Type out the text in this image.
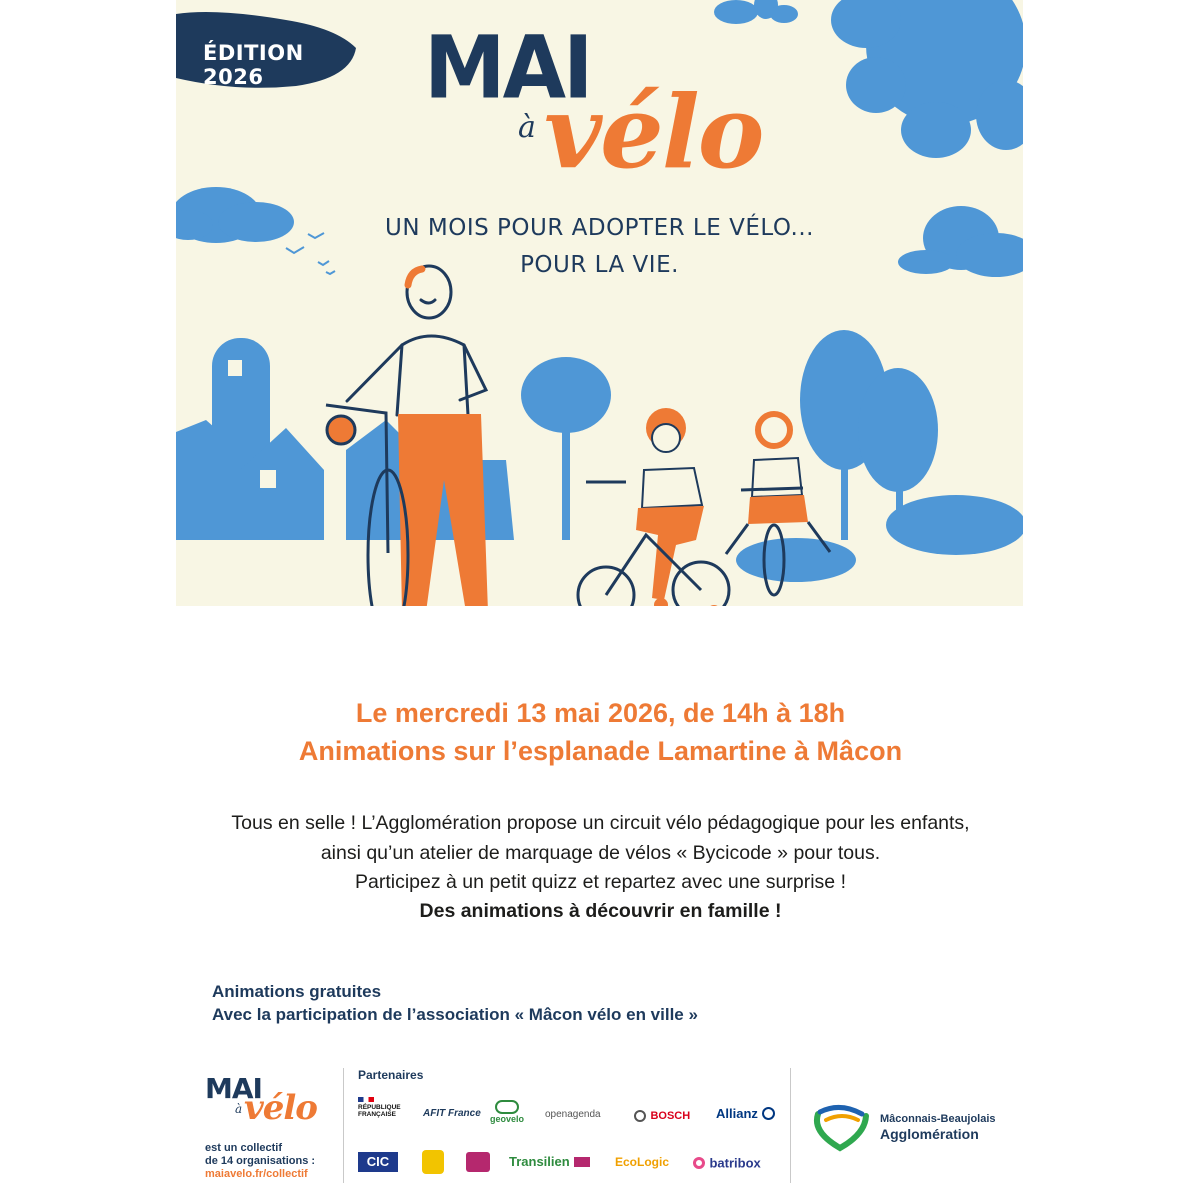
ÉDITION 2026	MAI
à vélo
UN MOIS POUR ADOPTER LE VÉLO...
POUR LA VIE.
Le mercredi 13 mai 2026, de 14h à 18h
Animations sur l’esplanade Lamartine à Mâcon
Tous en selle ! L’Agglomération propose un circuit vélo pédagogique pour les enfants,
ainsi qu’un atelier de marquage de vélos « Bycicode » pour tous.
Participez à un petit quizz et repartez avec une surprise !
Des animations à découvrir en famille !
Animations gratuites
Avec la participation de l’association « Mâcon vélo en ville »
MAI
à vélo
est un collectif
de 14 organisations :
maiavelo.fr/collectif
Partenaires
RÉPUBLIQUE FRANÇAISE	AFIT France geovelo openagenda	BOSCH Allianz
CIC	Transilien	EcoLogic	batribox
Mâconnais-Beaujolais
Agglomération
